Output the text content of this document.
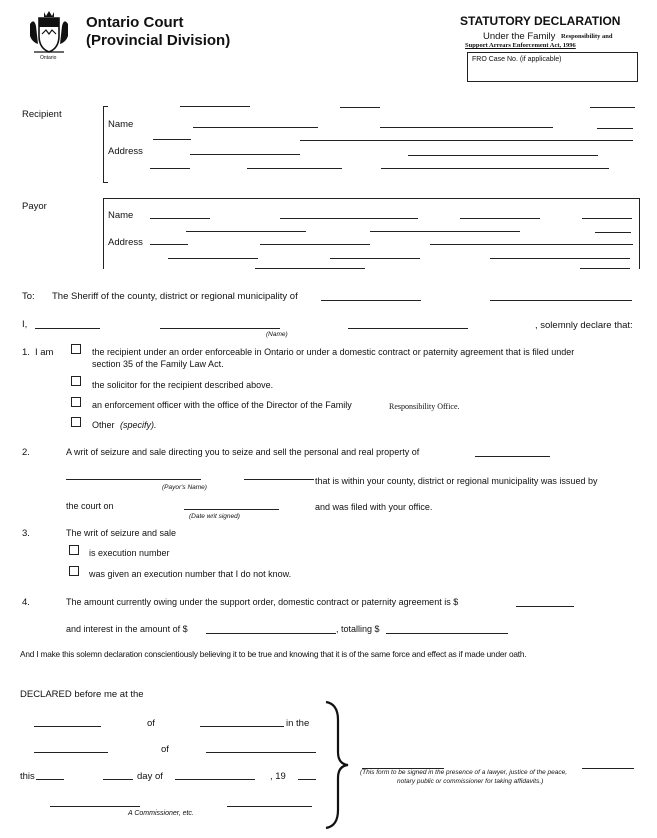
Ontario
Ontario Court
(Provincial Division)
STATUTORY DECLARATION
Under the Family Responsibility and
Support Arrears Enforcement Act, 1996
FRO Case No. (if applicable)
Recipient
Name
Address
Payor
Name
Address
To: The Sheriff of the county, district or regional municipality of
I,
(Name)
, solemnly declare that:
1. I am	the recipient under an order enforceable in Ontario or under a domestic contract or paternity agreement that is filed under
section 35 of the Family Law Act.
the solicitor for the recipient described above.
an enforcement officer with the office of the Director of the Family	Responsibility Office.
Other (specify).
2.	A writ of seizure and sale directing you to seize and sell the personal and real property of
(Payor's Name)
that is within your county, district or regional municipality was issued by
the court on
(Date writ signed)
and was filed with your office.
3.	The writ of seizure and sale
is execution number
was given an execution number that I do not know.
4.	The amount currently owing under the support order, domestic contract or paternity agreement is $
and interest in the amount of $	, totalling $
And I make this solemn declaration conscientiously believing it to be true and knowing that it is of the same force and effect as if made under oath.
DECLARED before me at the
of	in the
of
this	day of	, 19
A Commissioner, etc.
(This form to be signed in the presence of a lawyer, justice of the peace,
notary public or commissioner for taking affidavits.)
